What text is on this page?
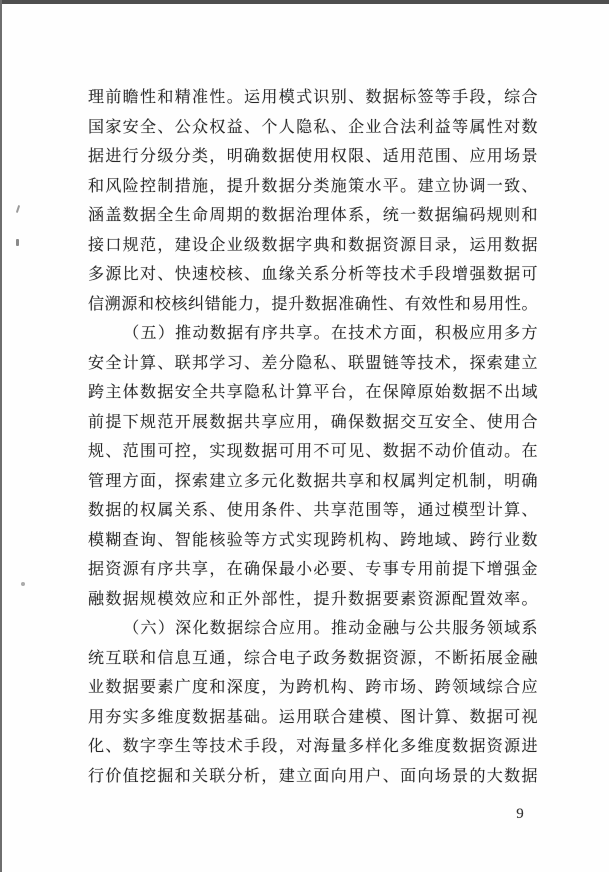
理前瞻性和精准性。运用模式识别、数据标签等手段，综合
国家安全、公众权益、个人隐私、企业合法利益等属性对数
据进行分级分类，明确数据使用权限、适用范围、应用场景
和风险控制措施，提升数据分类施策水平。建立协调一致、
涵盖数据全生命周期的数据治理体系，统一数据编码规则和
接口规范，建设企业级数据字典和数据资源目录，运用数据
多源比对、快速校核、血缘关系分析等技术手段增强数据可
信溯源和校核纠错能力，提升数据准确性、有效性和易用性。
（五）推动数据有序共享。在技术方面，积极应用多方
安全计算、联邦学习、差分隐私、联盟链等技术，探索建立
跨主体数据安全共享隐私计算平台，在保障原始数据不出域
前提下规范开展数据共享应用，确保数据交互安全、使用合
规、范围可控，实现数据可用不可见、数据不动价值动。在
管理方面，探索建立多元化数据共享和权属判定机制，明确
数据的权属关系、使用条件、共享范围等，通过模型计算、
模糊查询、智能核验等方式实现跨机构、跨地域、跨行业数
据资源有序共享，在确保最小必要、专事专用前提下增强金
融数据规模效应和正外部性，提升数据要素资源配置效率。
（六）深化数据综合应用。推动金融与公共服务领域系
统互联和信息互通，综合电子政务数据资源，不断拓展金融
业数据要素广度和深度，为跨机构、跨市场、跨领域综合应
用夯实多维度数据基础。运用联合建模、图计算、数据可视
化、数字孪生等技术手段，对海量多样化多维度数据资源进
行价值挖掘和关联分析，建立面向用户、面向场景的大数据
9
